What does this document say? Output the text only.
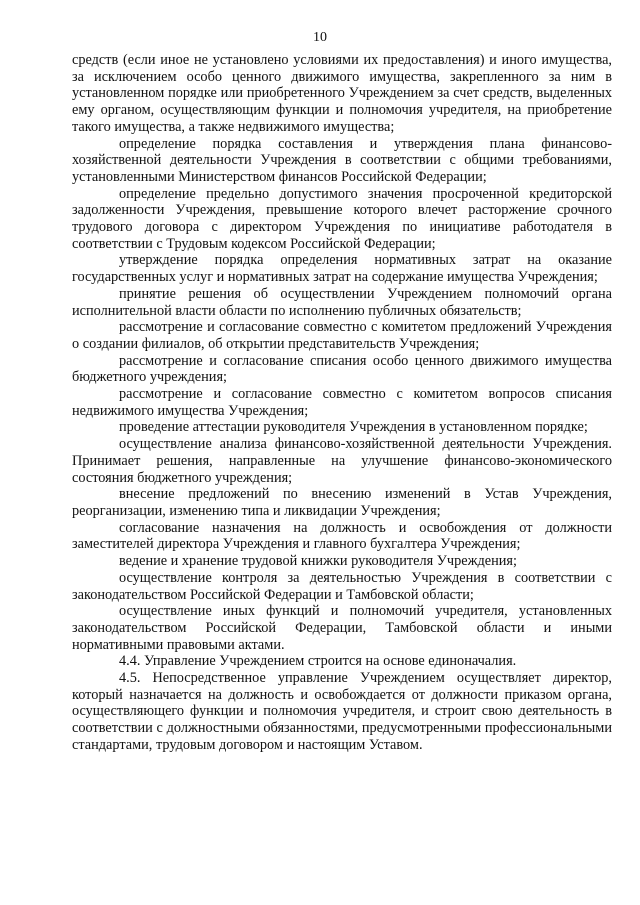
10

средств (если иное не установлено условиями их предоставления) и иного имущества, за исключением особо ценного движимого имущества, закрепленного за ним в установленном порядке или приобретенного Учреждением за счет средств, выделенных ему органом, осуществляющим функции и полномочия учредителя, на приобретение такого имущества, а также недвижимого имущества;

определение порядка составления и утверждения плана финансово-хозяйственной деятельности Учреждения в соответствии с общими требованиями, установленными Министерством финансов Российской Федерации;

определение предельно допустимого значения просроченной кредиторской задолженности Учреждения, превышение которого влечет расторжение срочного трудового договора с директором Учреждения по инициативе работодателя в соответствии с Трудовым кодексом Российской Федерации;

утверждение порядка определения нормативных затрат на оказание государственных услуг и нормативных затрат на содержание имущества Учреждения;

принятие решения об осуществлении Учреждением полномочий органа исполнительной власти области по исполнению публичных обязательств;

рассмотрение и согласование совместно с комитетом предложений Учреждения о создании филиалов, об открытии представительств Учреждения;

рассмотрение и согласование списания особо ценного движимого имущества бюджетного учреждения;

рассмотрение и согласование совместно с комитетом вопросов списания недвижимого имущества Учреждения;

проведение аттестации руководителя Учреждения в установленном порядке;

осуществление анализа финансово-хозяйственной деятельности Учреждения. Принимает решения, направленные на улучшение финансово-экономического состояния бюджетного учреждения;

внесение предложений по внесению изменений в Устав Учреждения, реорганизации, изменению типа и ликвидации Учреждения;

согласование назначения на должность и освобождения от должности заместителей директора Учреждения и главного бухгалтера Учреждения;

ведение и хранение трудовой книжки руководителя Учреждения;

осуществление контроля за деятельностью Учреждения в соответствии с законодательством Российской Федерации и Тамбовской области;

осуществление иных функций и полномочий учредителя, установленных законодательством Российской Федерации, Тамбовской области и иными нормативными правовыми актами.

4.4. Управление Учреждением строится на основе единоначалия.

4.5. Непосредственное управление Учреждением осуществляет директор, который назначается на должность и освобождается от должности приказом органа, осуществляющего функции и полномочия учредителя, и строит свою деятельность в соответствии с должностными обязанностями, предусмотренными профессиональными стандартами, трудовым договором и настоящим Уставом.
